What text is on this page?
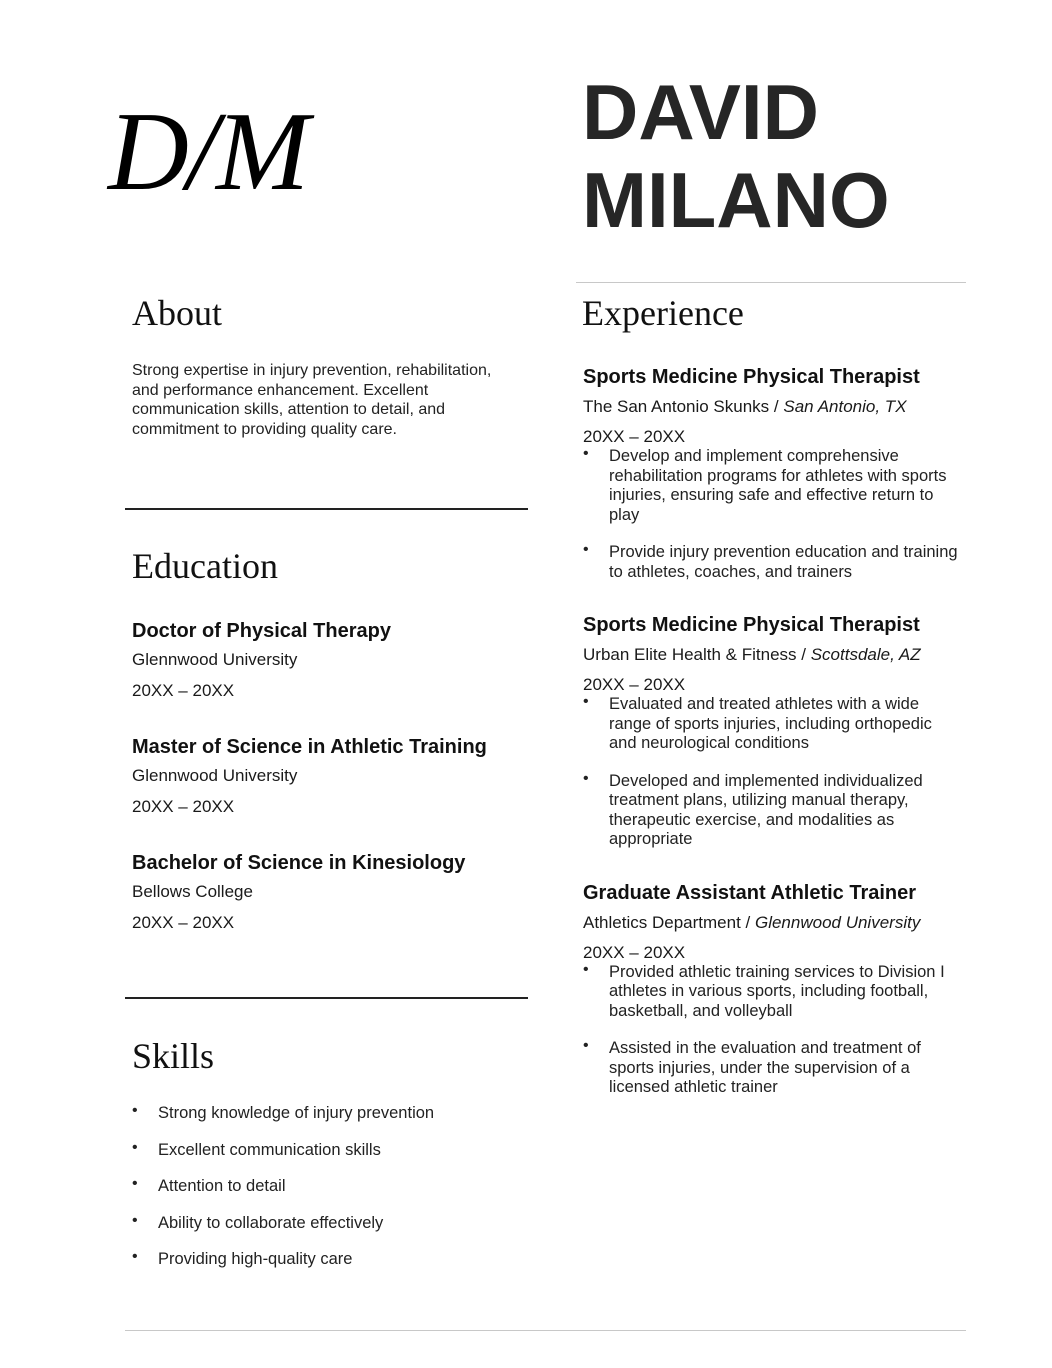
D/M	DAVID
MILANO
About
Strong expertise in injury prevention, rehabilitation, and performance enhancement. Excellent communication skills, attention to detail, and commitment to providing quality care.
Education
Doctor of Physical Therapy
Glennwood University
20XX – 20XX
Master of Science in Athletic Training
Glennwood University
20XX – 20XX
Bachelor of Science in Kinesiology
Bellows College
20XX – 20XX
Skills
• Strong knowledge of injury prevention
• Excellent communication skills
• Attention to detail
• Ability to collaborate effectively
• Providing high-quality care
Experience
Sports Medicine Physical Therapist
The San Antonio Skunks / San Antonio, TX
20XX – 20XX
• Develop and implement comprehensive rehabilitation programs for athletes with sports injuries, ensuring safe and effective return to play
• Provide injury prevention education and training to athletes, coaches, and trainers
Sports Medicine Physical Therapist
Urban Elite Health & Fitness / Scottsdale, AZ
20XX – 20XX
• Evaluated and treated athletes with a wide range of sports injuries, including orthopedic and neurological conditions
• Developed and implemented individualized treatment plans, utilizing manual therapy, therapeutic exercise, and modalities as appropriate
Graduate Assistant Athletic Trainer
Athletics Department / Glennwood University
20XX – 20XX
• Provided athletic training services to Division I athletes in various sports, including football, basketball, and volleyball
• Assisted in the evaluation and treatment of sports injuries, under the supervision of a licensed athletic trainer
